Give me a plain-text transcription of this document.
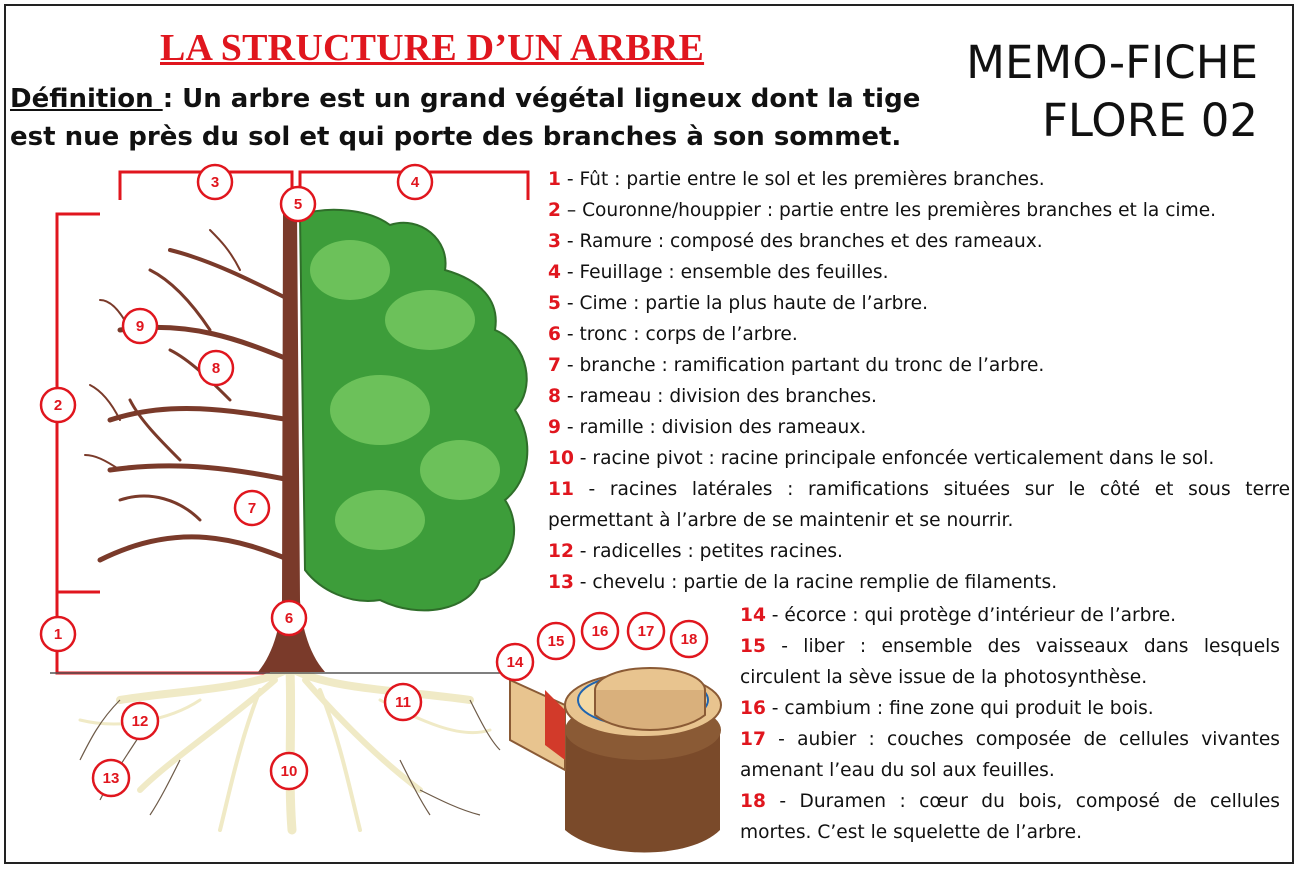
LA STRUCTURE D’UN ARBRE	MEMO-FICHE
FLORE 02
Définition : Un arbre est un grand végétal ligneux dont la tige est nue près du sol et qui porte des branches à son sommet.
1
2
3	4
5
6
7
8
9
10
11
12
13
14
15
16 17 18
1 - Fût : partie entre le sol et les premières branches.
2 – Couronne/houppier : partie entre les premières branches et la cime.
3 - Ramure : composé des branches et des rameaux.
4 - Feuillage : ensemble des feuilles.
5 - Cime : partie la plus haute de l’arbre.
6 - tronc : corps de l’arbre.
7 - branche : ramification partant du tronc de l’arbre.
8 - rameau : division des branches.
9 - ramille : division des rameaux.
10 - racine pivot : racine principale enfoncée verticalement dans le sol.
11 - racines latérales : ramifications situées sur le côté et sous terre permettant à l’arbre de se maintenir et se nourrir.
12 - radicelles : petites racines.
13 - chevelu : partie de la racine remplie de filaments.
14 - écorce : qui protège d’intérieur de l’arbre.
15 - liber : ensemble des vaisseaux dans lesquels circulent la sève issue de la photosynthèse.
16 - cambium : fine zone qui produit le bois.
17 - aubier : couches composée de cellules vivantes amenant l’eau du sol aux feuilles.
18 - Duramen : cœur du bois, composé de cellules mortes. C’est le squelette de l’arbre.
